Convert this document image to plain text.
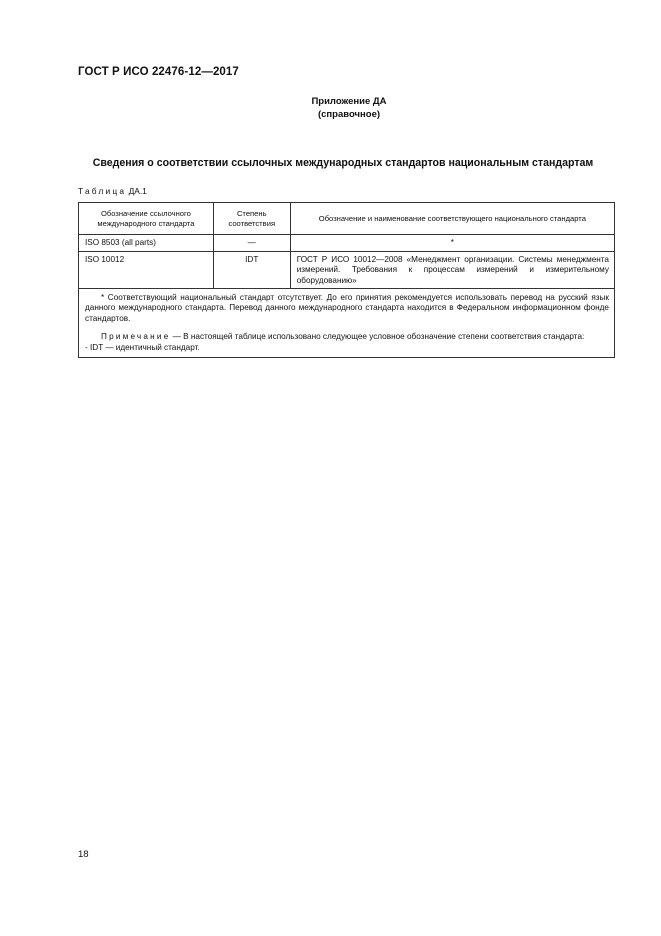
ГОСТ Р ИСО 22476-12—2017
Приложение ДА
(справочное)
Сведения о соответствии ссылочных международных стандартов национальным стандартам
Таблица ДА.1
Обозначение ссылочного международного стандарта	Степень соответствия	Обозначение и наименование соответствующего национального стандарта

ISO 8503 (all parts)	—	*
ISO 10012	IDT	ГОСТ Р ИСО 10012—2008 «Менеджмент организации. Системы менеджмента измерений. Требования к процессам измерений и измерительному оборудованию»

* Соответствующий национальный стандарт отсутствует. До его принятия рекомендуется использовать перевод на русский язык данного международного стандарта. Перевод данного международного стандарта находится в Федеральном информационном фонде стандартов.

Примечание — В настоящей таблице использовано следующее условное обозначение степени соответствия стандарта:

- IDT — идентичный стандарт.		

18
